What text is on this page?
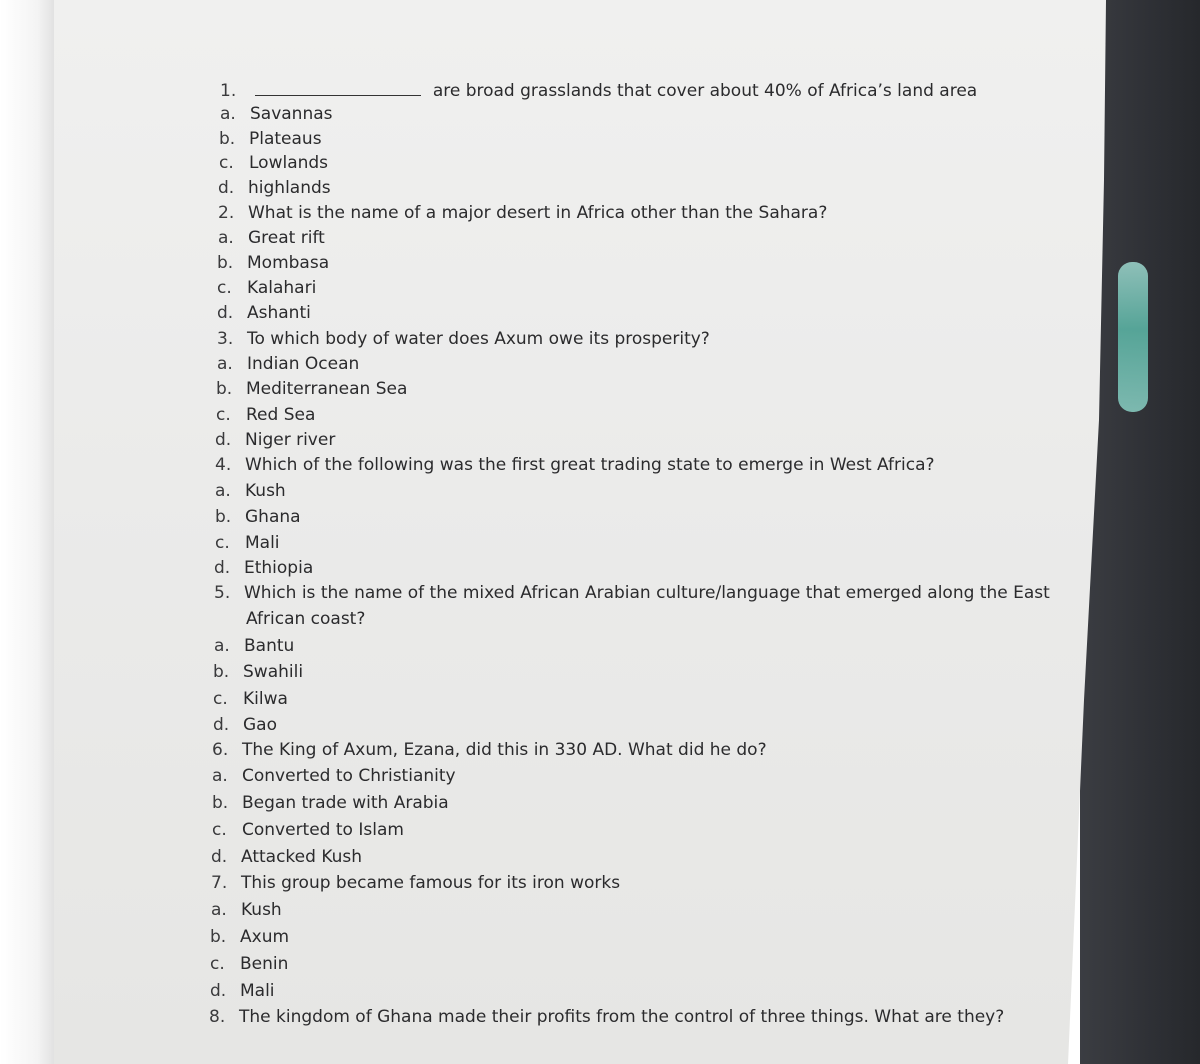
1.	are broad grasslands that cover about 40% of Africa’s land area
a. Savannas
b. Plateaus
c. Lowlands
d. highlands
2. What is the name of a major desert in Africa other than the Sahara?
a. Great rift
b. Mombasa
c. Kalahari
d. Ashanti
3. To which body of water does Axum owe its prosperity?
a. Indian Ocean
b. Mediterranean Sea
c. Red Sea
d. Niger river
4. Which of the following was the first great trading state to emerge in West Africa?
a. Kush
b. Ghana
c. Mali
d. Ethiopia
5. Which is the name of the mixed African Arabian culture/language that emerged along the East
African coast?
a. Bantu
b. Swahili
c. Kilwa
d. Gao
6. The King of Axum, Ezana, did this in 330 AD. What did he do?
a. Converted to Christianity
b. Began trade with Arabia
c. Converted to Islam
d. Attacked Kush
7. This group became famous for its iron works
a. Kush
b. Axum
c. Benin
d. Mali
8. The kingdom of Ghana made their profits from the control of three things. What are they?
